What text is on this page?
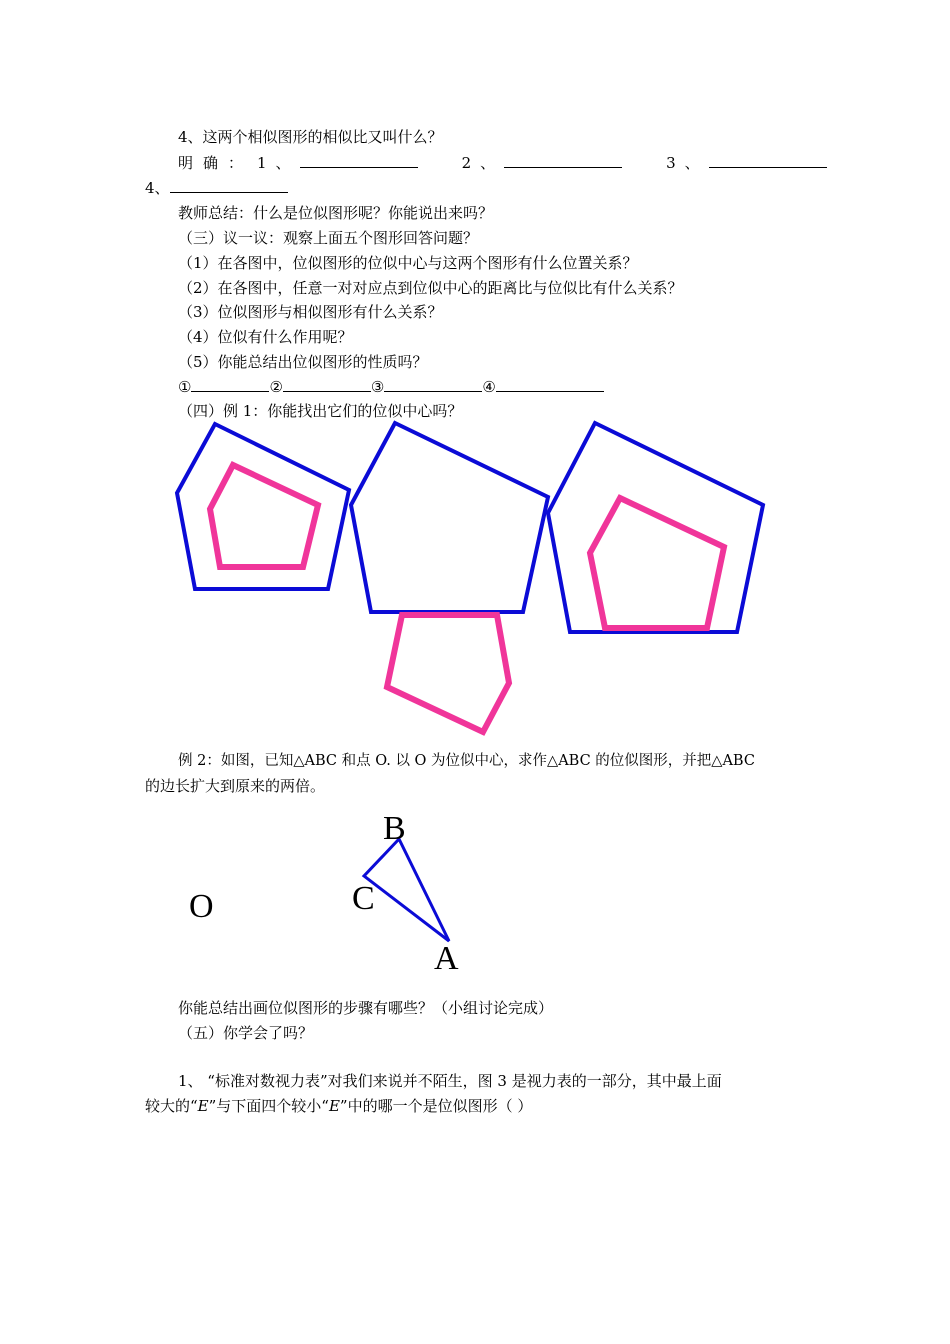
4、这两个相似图形的相似比又叫什么？
明确： 1、	2、	3、
4、
教师总结：什么是位似图形呢？你能说出来吗？
（三）议一议：观察上面五个图形回答问题？
（1）在各图中，位似图形的位似中心与这两个图形有什么位置关系？
（2）在各图中，任意一对对应点到位似中心的距离比与位似比有什么关系？
（3）位似图形与相似图形有什么关系？
（4）位似有什么作用呢？
（5）你能总结出位似图形的性质吗？
①	②	③	④
（四）例 1：你能找出它们的位似中心吗？
例 2：如图，已知△ABC 和点 O. 以 O 为位似中心，求作△ABC 的位似图形，并把△ABC
的边长扩大到原来的两倍。
B
C
O
A
你能总结出画位似图形的步骤有哪些？（小组讨论完成）
（五）你学会了吗？
1、 “标准对数视力表”对我们来说并不陌生，图 3 是视力表的一部分，其中最上面
较大的“E”与下面四个较小“E”中的哪一个是位似图形（ ）
